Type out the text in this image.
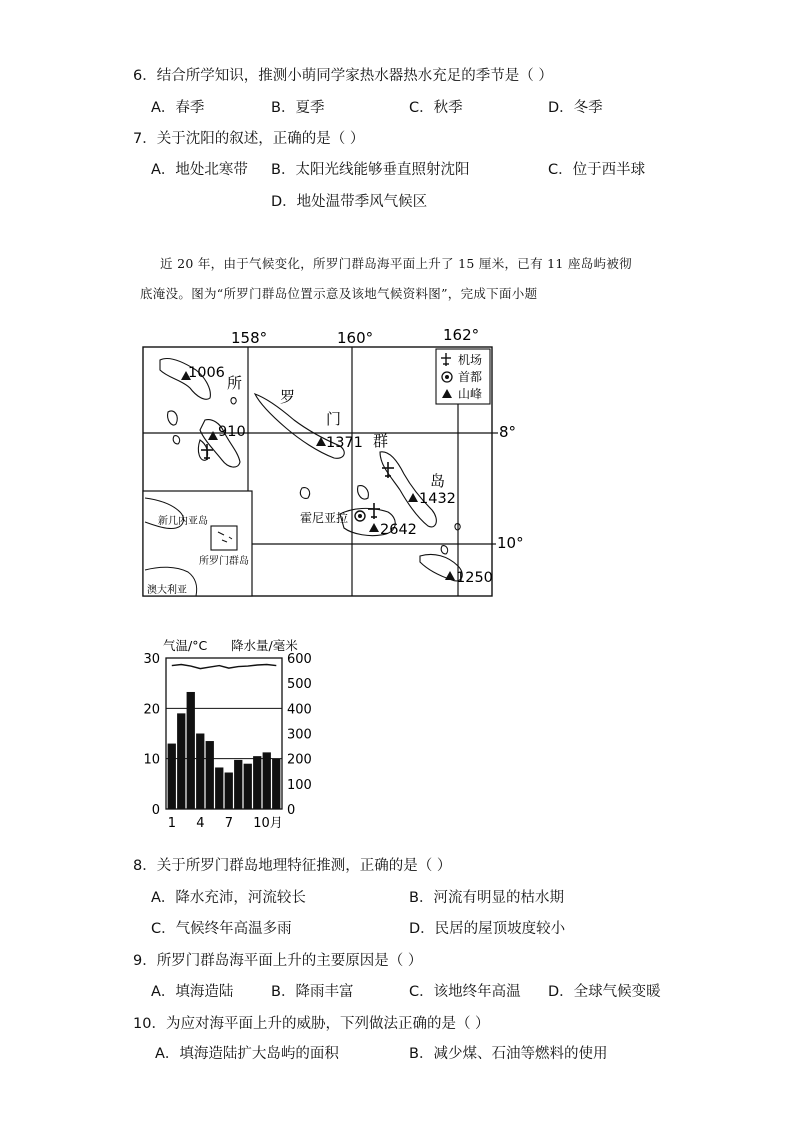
6．结合所学知识，推测小萌同学家热水器热水充足的季节是（ ）
A．春季	B．夏季	C．秋季	D．冬季
7．关于沈阳的叙述，正确的是（ ）
A．地处北寒带 B．太阳光线能够垂直照射沈阳	C．位于西半球
D．地处温带季风气候区
近 20 年，由于气候变化，所罗门群岛海平面上升了 15 厘米，已有 11 座岛屿被彻
底淹没。图为“所罗门群岛位置示意及该地气候资料图”，完成下面小题
158°	160°	162°
8°
10°
所
罗
门
群
岛
1006
910
1371
1432
2642
1250
霍尼亚拉
机场
首都
山峰
新几内亚岛
所罗门群岛
澳大利亚
气温/°C 降水量/毫米
0
10
20
30
0
100
200
300
400
500
600
1 4 7 10月
8．关于所罗门群岛地理特征推测，正确的是（ ）
A．降水充沛，河流较长	B．河流有明显的枯水期
C．气候终年高温多雨	D．民居的屋顶坡度较小
9．所罗门群岛海平面上升的主要原因是（ ）
A．填海造陆	B．降雨丰富	C．该地终年高温 D．全球气候变暖
10．为应对海平面上升的威胁，下列做法正确的是（ ）
A．填海造陆扩大岛屿的面积	B．减少煤、石油等燃料的使用
